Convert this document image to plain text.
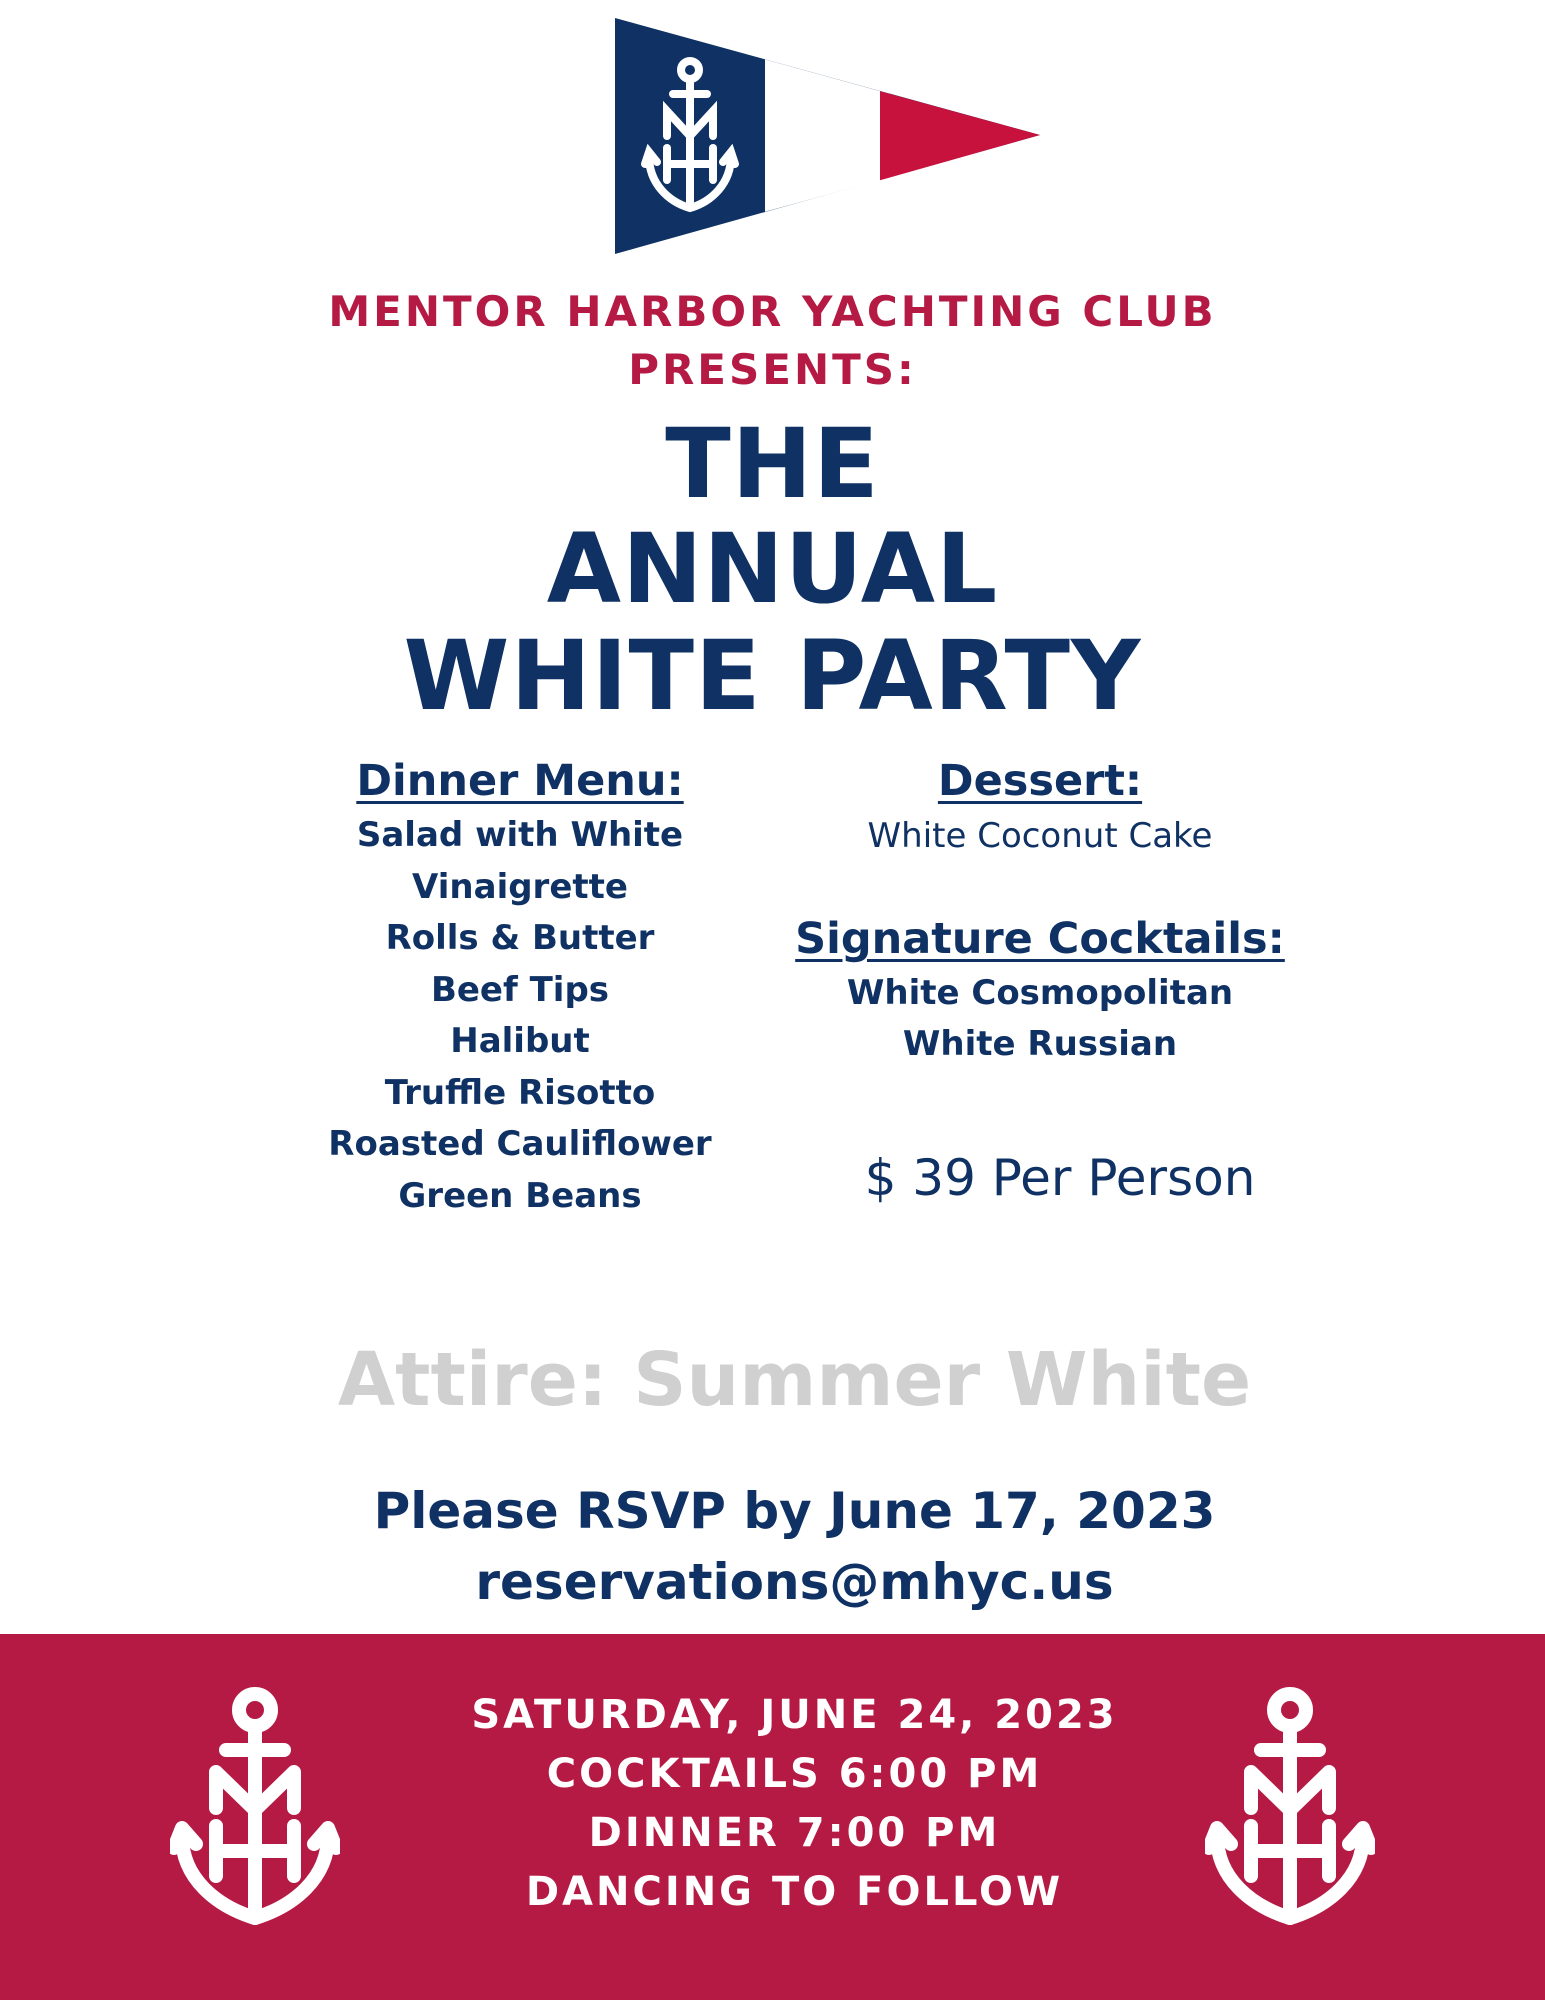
MENTOR HARBOR YACHTING CLUB
PRESENTS:
THE
ANNUAL
WHITE PARTY
Dinner Menu:
Salad with White
Vinaigrette
Rolls & Butter
Beef Tips
Halibut
Truffle Risotto
Roasted Cauliflower
Green Beans
Dessert:
White Coconut Cake
Signature Cocktails:
White Cosmopolitan
White Russian
$ 39 Per Person
Attire: Summer White
Please RSVP by June 17, 2023
reservations@mhyc.us
SATURDAY, JUNE 24, 2023
COCKTAILS 6:00 PM
DINNER 7:00 PM
DANCING TO FOLLOW
